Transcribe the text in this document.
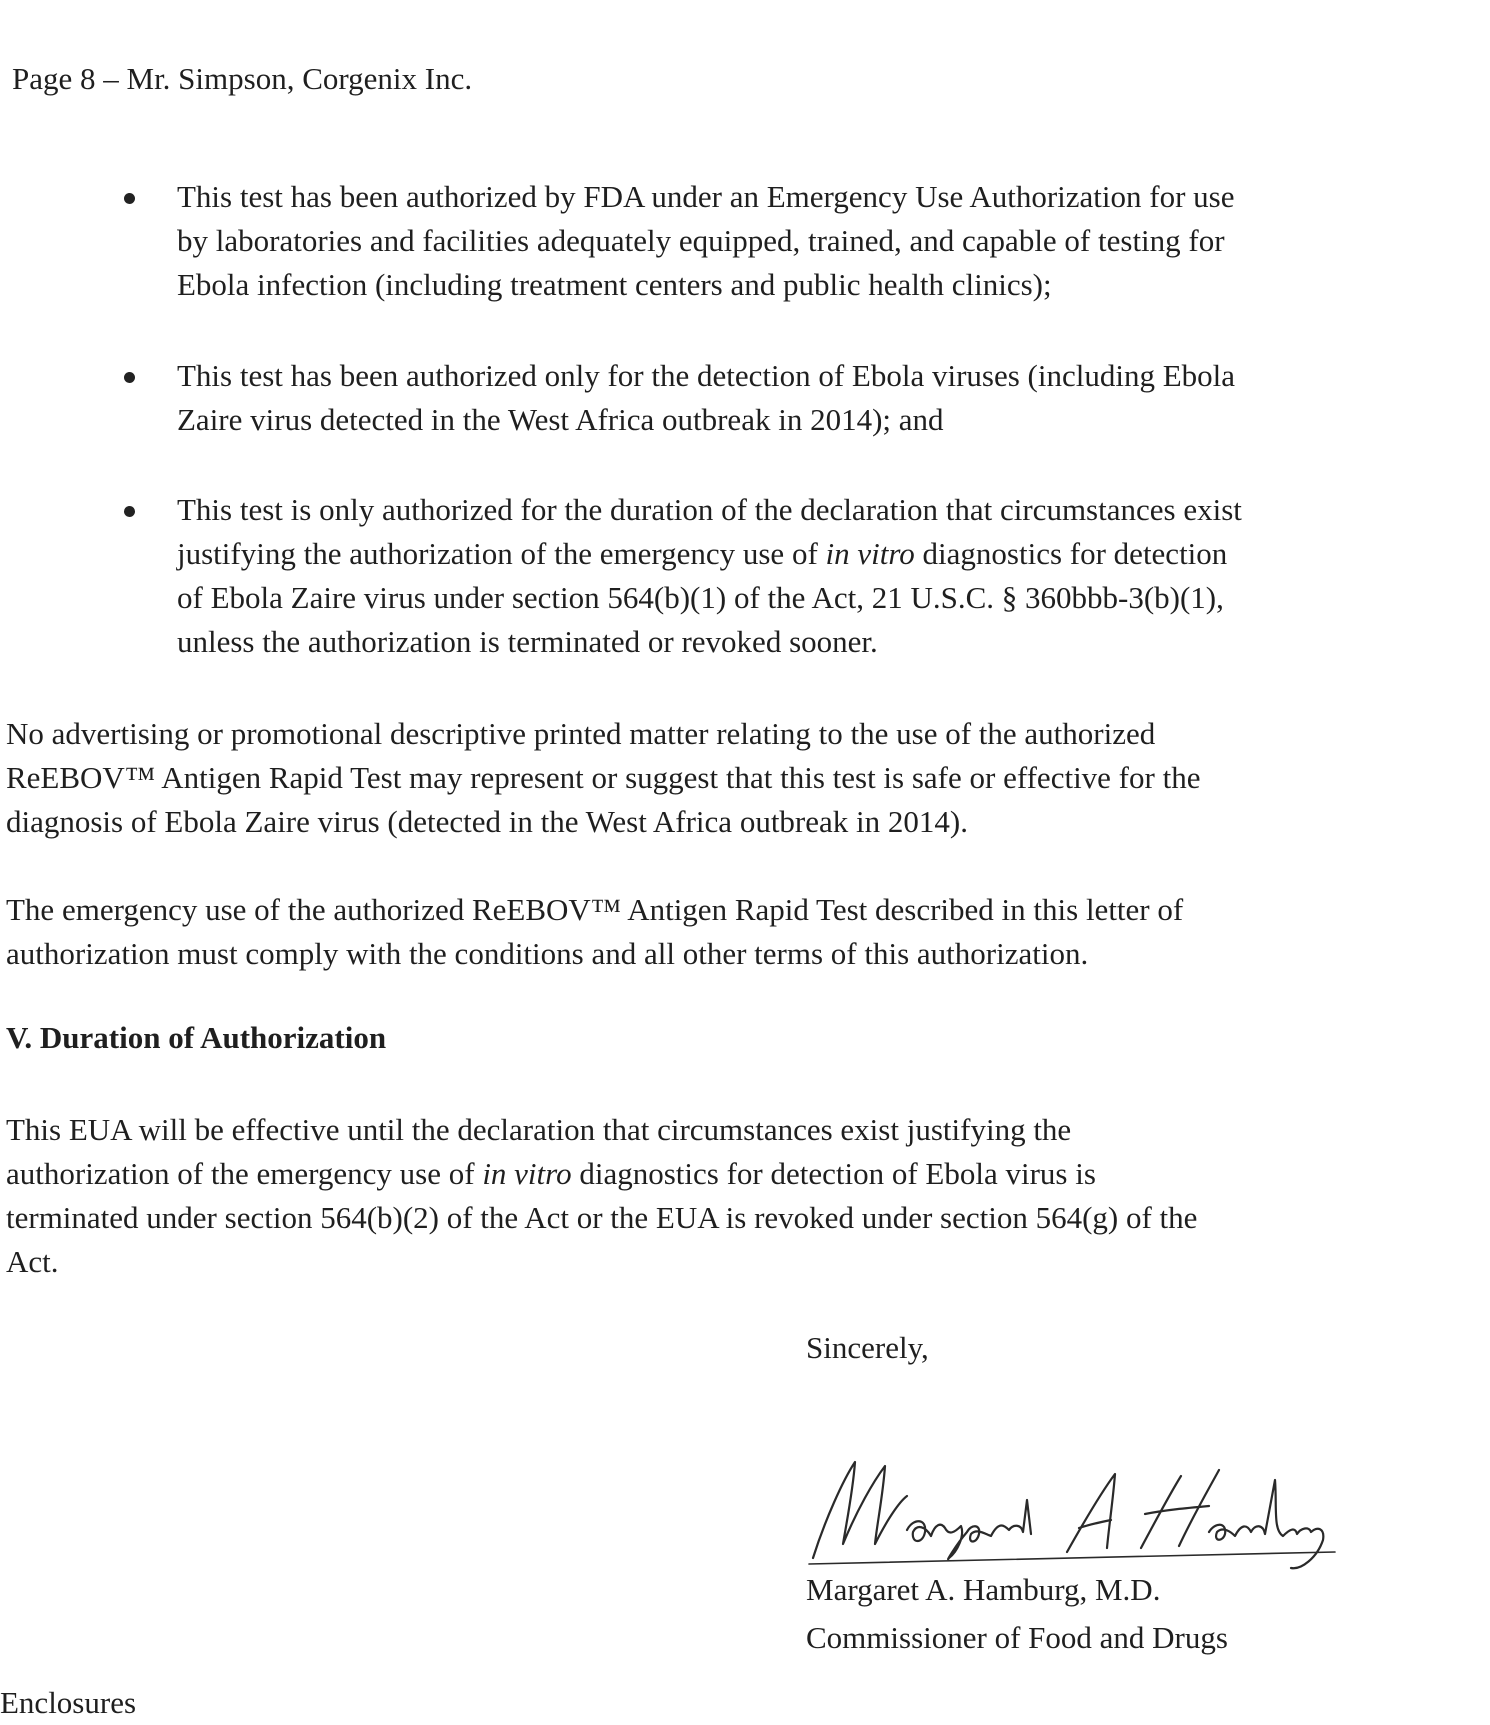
Page 8 – Mr. Simpson, Corgenix Inc.
This test has been authorized by FDA under an Emergency Use Authorization for use
by laboratories and facilities adequately equipped, trained, and capable of testing for
Ebola infection (including treatment centers and public health clinics);
This test has been authorized only for the detection of Ebola viruses (including Ebola
Zaire virus detected in the West Africa outbreak in 2014); and
This test is only authorized for the duration of the declaration that circumstances exist
justifying the authorization of the emergency use of in vitro diagnostics for detection
of Ebola Zaire virus under section 564(b)(1) of the Act, 21 U.S.C. § 360bbb-3(b)(1),
unless the authorization is terminated or revoked sooner.
No advertising or promotional descriptive printed matter relating to the use of the authorized
ReEBOV™ Antigen Rapid Test may represent or suggest that this test is safe or effective for the
diagnosis of Ebola Zaire virus (detected in the West Africa outbreak in 2014).
The emergency use of the authorized ReEBOV™ Antigen Rapid Test described in this letter of
authorization must comply with the conditions and all other terms of this authorization.
V. Duration of Authorization
This EUA will be effective until the declaration that circumstances exist justifying the
authorization of the emergency use of in vitro diagnostics for detection of Ebola virus is
terminated under section 564(b)(2) of the Act or the EUA is revoked under section 564(g) of the
Act.
Sincerely,
Margaret A. Hamburg, M.D.
Commissioner of Food and Drugs
Enclosures
